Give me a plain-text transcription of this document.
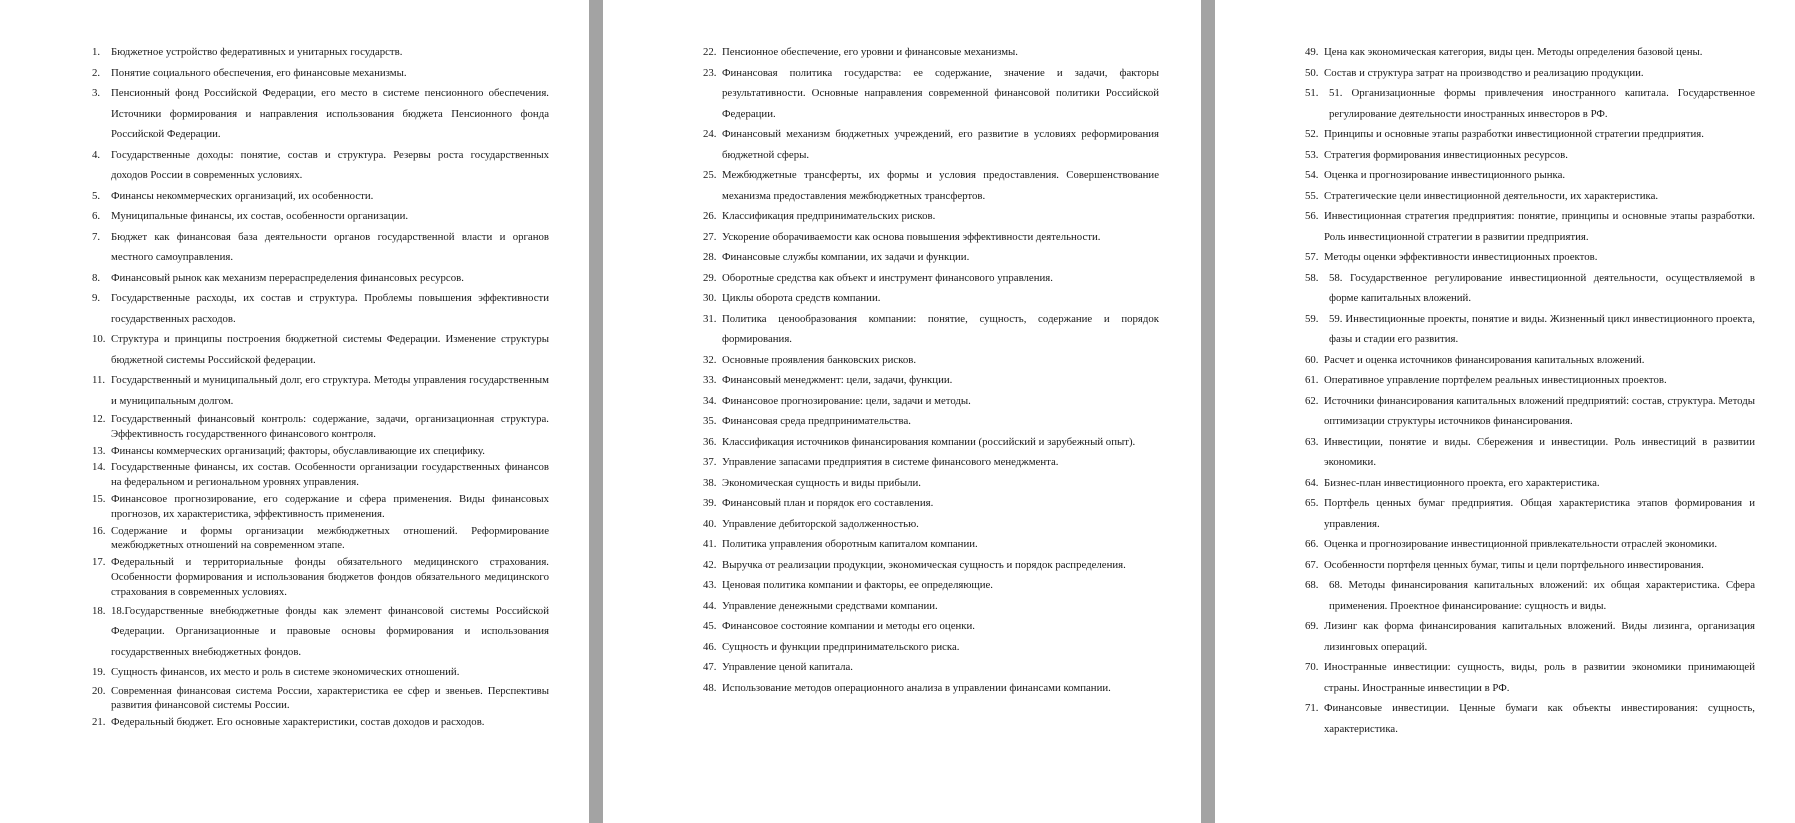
1.	Бюджетное устройство федеративных и унитарных государств.
2.	Понятие социального обеспечения, его финансовые механизмы.
3.	Пенсионный фонд Российской Федерации, его место в системе пенсионного обеспечения. Источники формирования и направления использования бюджета Пенсионного фонда Российской Федерации.
4.	Государственные доходы: понятие, состав и структура. Резервы роста государственных доходов России в современных условиях.
5.	Финансы некоммерческих организаций, их особенности.
6.	Муниципальные финансы, их состав, особенности организации.
7.	Бюджет как финансовая база деятельности органов государственной власти и органов местного самоуправления.
8.	Финансовый рынок как механизм перераспределения финансовых ресурсов.
9.	Государственные расходы, их состав и структура. Проблемы повышения эффективности государственных расходов.
10. Структура и принципы построения бюджетной системы Федерации. Изменение структуры бюджетной системы Российской федерации.
11. Государственный и муниципальный долг, его структура. Методы управления государственным и муниципальным долгом.
12. Государственный финансовый контроль: содержание, задачи, организационная структура. Эффективность государственного финансового контроля.
13. Финансы коммерческих организаций; факторы, обуславливающие их специфику.
14. Государственные финансы, их состав. Особенности организации государственных финансов на федеральном и региональном уровнях управления.
15. Финансовое прогнозирование, его содержание и сфера применения. Виды финансовых прогнозов, их характеристика, эффективность применения.
16. Содержание и формы организации межбюджетных отношений. Реформирование межбюджетных отношений на современном этапе.
17. Федеральный и территориальные фонды обязательного медицинского страхования. Особенности формирования и использования бюджетов фондов обязательного медицинского страхования в современных условиях.
18. 18.Государственные внебюджетные фонды как элемент финансовой системы Российской Федерации. Организационные и правовые основы формирования и использования государственных внебюджетных фондов.
19. Сущность финансов, их место и роль в системе экономических отношений.
20. Современная финансовая система России, характеристика ее сфер и звеньев. Перспективы развития финансовой системы России.
21. Федеральный бюджет. Его основные характеристики, состав доходов и расходов.
22. Пенсионное обеспечение, его уровни и финансовые механизмы.
23. Финансовая политика государства: ее содержание, значение и задачи, факторы результативности. Основные направления современной финансовой политики Российской Федерации.
24. Финансовый механизм бюджетных учреждений, его развитие в условиях реформирования бюджетной сферы.
25. Межбюджетные трансферты, их формы и условия предоставления. Совершенствование механизма предоставления межбюджетных трансфертов.
26. Классификация предпринимательских рисков.
27. Ускорение оборачиваемости как основа повышения эффективности деятельности.
28. Финансовые службы компании, их задачи и функции.
29. Оборотные средства как объект и инструмент финансового управления.
30. Циклы оборота средств компании.
31. Политика ценообразования компании: понятие, сущность, содержание и порядок формирования.
32. Основные проявления банковских рисков.
33. Финансовый менеджмент: цели, задачи, функции.
34. Финансовое прогнозирование: цели, задачи и методы.
35. Финансовая среда предпринимательства.
36. Классификация источников финансирования компании (российский и зарубежный опыт).
37. Управление запасами предприятия в системе финансового менеджмента.
38. Экономическая сущность и виды прибыли.
39. Финансовый план и порядок его составления.
40. Управление дебиторской задолженностью.
41. Политика управления оборотным капиталом компании.
42. Выручка от реализации продукции, экономическая сущность и порядок распределения.
43. Ценовая политика компании и факторы, ее определяющие.
44. Управление денежными средствами компании.
45. Финансовое состояние компании и методы его оценки.
46. Сущность и функции предпринимательского риска.
47. Управление ценой капитала.
48. Использование методов операционного анализа в управлении финансами компании.
49. Цена как экономическая категория, виды цен. Методы определения базовой цены.
50. Состав и структура затрат на производство и реализацию продукции.
51. 51. Организационные формы привлечения иностранного капитала. Государственное регулирование деятельности иностранных инвесторов в РФ.
52. Принципы и основные этапы разработки инвестиционной стратегии предприятия.
53. Стратегия формирования инвестиционных ресурсов.
54. Оценка и прогнозирование инвестиционного рынка.
55. Стратегические цели инвестиционной деятельности, их характеристика.
56. Инвестиционная стратегия предприятия: понятие, принципы и основные этапы разработки. Роль инвестиционной стратегии в развитии предприятия.
57. Методы оценки эффективности инвестиционных проектов.
58. 58. Государственное регулирование инвестиционной деятельности, осуществляемой в форме капитальных вложений.
59. 59. Инвестиционные проекты, понятие и виды. Жизненный цикл инвестиционного проекта, фазы и стадии его развития.
60. Расчет и оценка источников финансирования капитальных вложений.
61. Оперативное управление портфелем реальных инвестиционных проектов.
62. Источники финансирования капитальных вложений предприятий: состав, структура. Методы оптимизации структуры источников финансирования.
63. Инвестиции, понятие и виды. Сбережения и инвестиции. Роль инвестиций в развитии экономики.
64. Бизнес-план инвестиционного проекта, его характеристика.
65. Портфель ценных бумаг предприятия. Общая характеристика этапов формирования и управления.
66. Оценка и прогнозирование инвестиционной привлекательности отраслей экономики.
67. Особенности портфеля ценных бумаг, типы и цели портфельного инвестирования.
68. 68. Методы финансирования капитальных вложений: их общая характеристика. Сфера применения. Проектное финансирование: сущность и виды.
69. Лизинг как форма финансирования капитальных вложений. Виды лизинга, организация лизинговых операций.
70. Иностранные инвестиции: сущность, виды, роль в развитии экономики принимающей страны. Иностранные инвестиции в РФ.
71. Финансовые инвестиции. Ценные бумаги как объекты инвестирования: сущность, характеристика.
